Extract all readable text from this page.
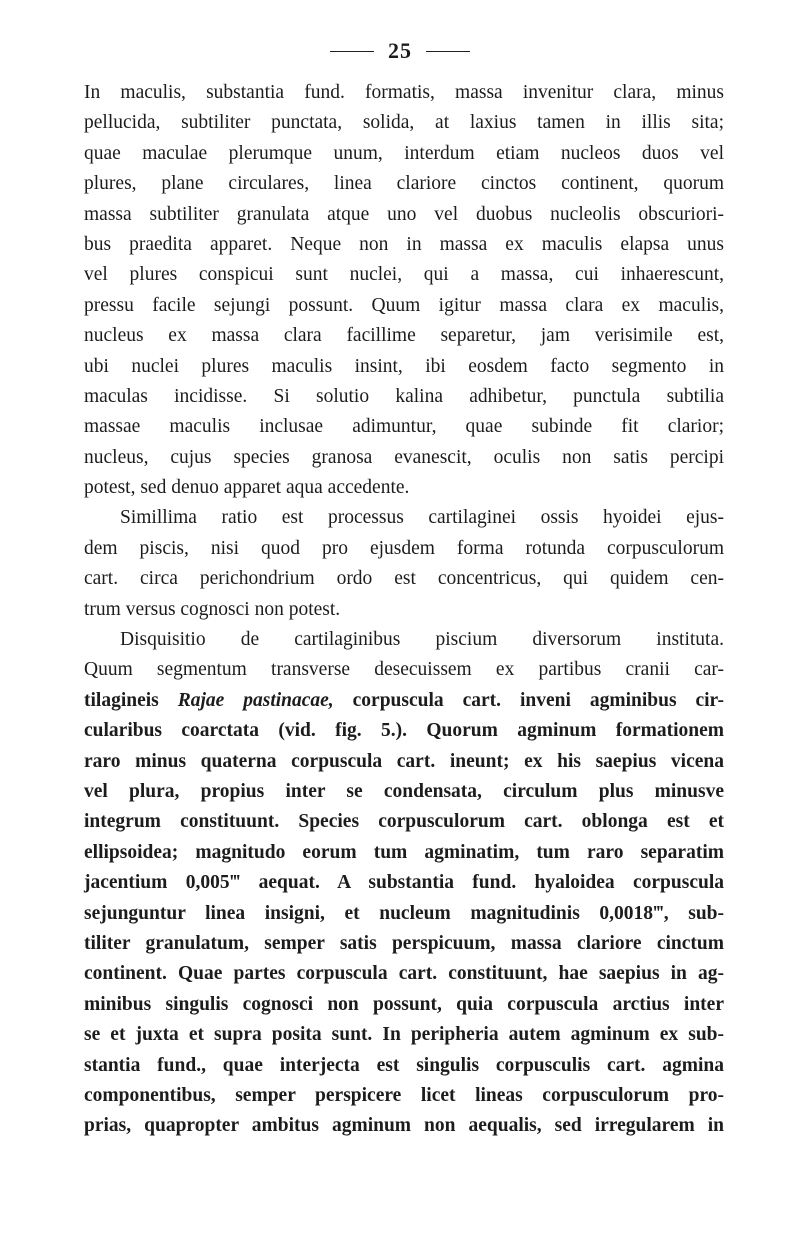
25
In maculis, substantia fund. formatis, massa invenitur clara, minus
pellucida, subtiliter punctata, solida, at laxius tamen in illis sita;
quae maculae plerumque unum, interdum etiam nucleos duos vel
plures, plane circulares, linea clariore cinctos continent, quorum
massa subtiliter granulata atque uno vel duobus nucleolis obscuriori-
bus praedita apparet. Neque non in massa ex maculis elapsa unus
vel plures conspicui sunt nuclei, qui a massa, cui inhaerescunt,
pressu facile sejungi possunt. Quum igitur massa clara ex maculis,
nucleus ex massa clara facillime separetur, jam verisimile est,
ubi nuclei plures maculis insint, ibi eosdem facto segmento in
maculas incidisse. Si solutio kalina adhibetur, punctula subtilia
massae maculis inclusae adimuntur, quae subinde fit clarior;
nucleus, cujus species granosa evanescit, oculis non satis percipi
potest, sed denuo apparet aqua accedente.
Simillima ratio est processus cartilaginei ossis hyoidei ejus-
dem piscis, nisi quod pro ejusdem forma rotunda corpusculorum
cart. circa perichondrium ordo est concentricus, qui quidem cen-
trum versus cognosci non potest.
Disquisitio de cartilaginibus piscium diversorum instituta.
Quum segmentum transverse desecuissem ex partibus cranii car-
tilagineis Rajae pastinacae, corpuscula cart. inveni agminibus cir-
cularibus coarctata (vid. fig. 5.). Quorum agminum formationem
raro minus quaterna corpuscula cart. ineunt; ex his saepius vicena
vel plura, propius inter se condensata, circulum plus minusve
integrum constituunt. Species corpusculorum cart. oblonga est et
ellipsoidea; magnitudo eorum tum agminatim, tum raro separatim
jacentium 0,005‴ aequat. A substantia fund. hyaloidea corpuscula
sejunguntur linea insigni, et nucleum magnitudinis 0,0018‴, sub-
tiliter granulatum, semper satis perspicuum, massa clariore cinctum
continent. Quae partes corpuscula cart. constituunt, hae saepius in ag-
minibus singulis cognosci non possunt, quia corpuscula arctius inter
se et juxta et supra posita sunt. In peripheria autem agminum ex sub-
stantia fund., quae interjecta est singulis corpusculis cart. agmina
componentibus, semper perspicere licet lineas corpusculorum pro-
prias, quapropter ambitus agminum non aequalis, sed irregularem in
